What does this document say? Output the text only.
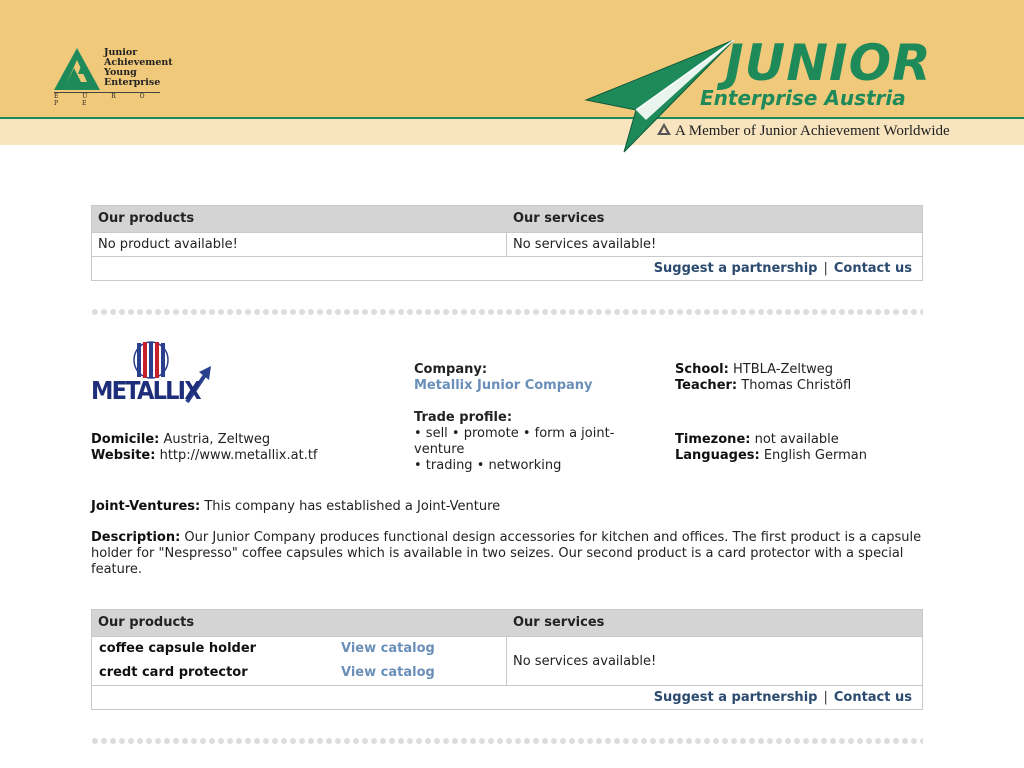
Junior
Achievement
Young
Enterprise
E U R O P E
JUNIOR
Enterprise Austria
A Member of Junior Achievement Worldwide
Our products	Our services
No product available!	No services available!
Suggest a partnership | Contact us
METALLIX
Domicile: Austria, Zeltweg
Website: http://www.metallix.at.tf
Company:
Metallix Junior Company
Trade profile:
• sell • promote • form a joint-
venture
• trading • networking
School: HTBLA-Zeltweg
Teacher: Thomas Christöfl
Timezone: not available
Languages: English German
Joint-Ventures: This company has established a Joint-Venture
Description: Our Junior Company produces functional design accessories for kitchen and offices. The first product is a capsule holder for "Nespresso" coffee capsules which is available in two seizes. Our second product is a card protector with a special feature.
Our products	Our services
coffee capsule holder	View catalog
credt card protector	View catalog
No services available!
Suggest a partnership | Contact us
